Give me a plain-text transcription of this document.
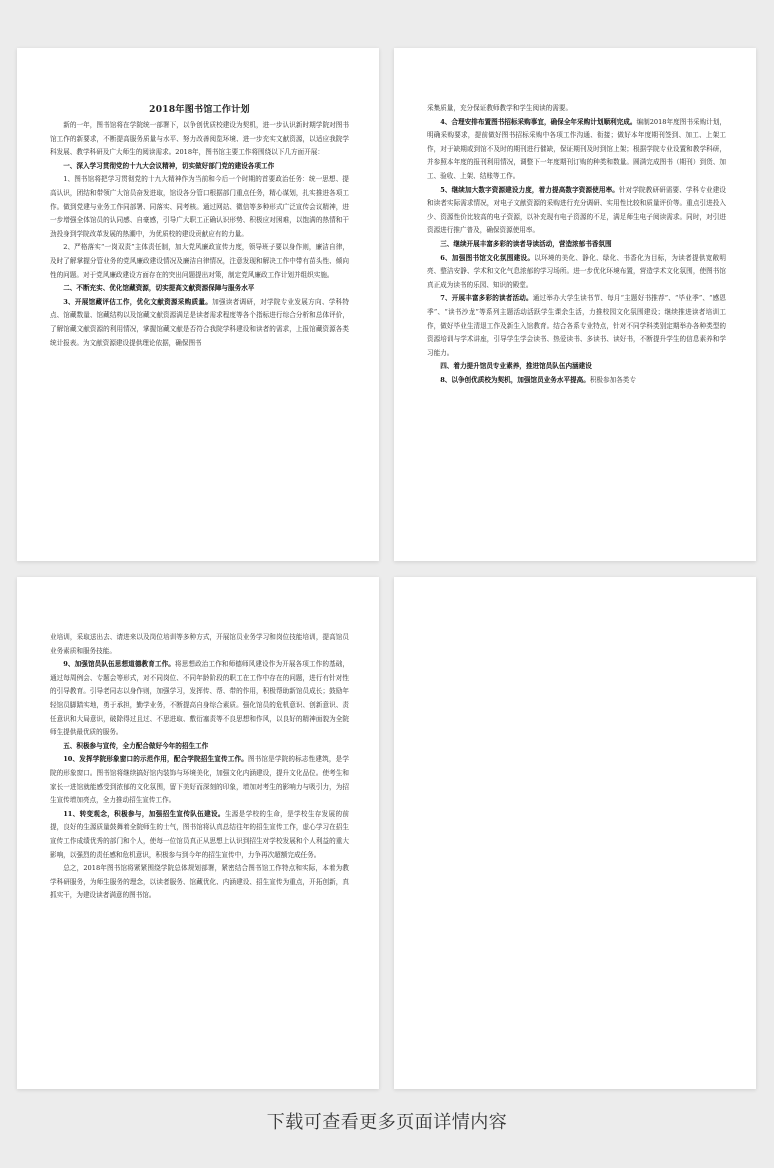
2018年图书馆工作计划

新的一年，图书馆将在学院统一部署下，以争创优质校建设为契机，进一步认识新时期学院对图书馆工作的新要求，不断提高服务质量与水平、努力改善阅览环境、进一步充实文献资源，以适应我院学科发展、教学科研及广大师生的阅读需求。2018年，图书馆主要工作将围绕以下几方面开展：

一、深入学习贯彻党的十九大会议精神，切实做好部门党的建设各项工作

1、图书馆将把学习贯彻党的十九大精神作为当前和今后一个时期的首要政治任务：统一思想、提高认识，团结和带领广大馆员奋发进取，馆设各分管口根据部门重点任务，精心谋划，扎实推进各项工作。做到党建与业务工作同部署、同落实、同考核。通过网站、微信等多种形式广泛宣传会议精神，进一步增强全体馆员的认同感、自豪感，引导广大职工正确认识形势、积极应对困难，以饱满的热情和干劲投身到学院改革发展的热潮中，为优质校的建设贡献应有的力量。

2、严格落实“一岗双责”主体责任制，加大党风廉政宣传力度，领导班子要以身作则，廉洁自律，及时了解掌握分管业务的党风廉政建设情况及廉洁自律情况，注意发现和解决工作中带有苗头性、倾向性的问题。对于党风廉政建设方面存在的突出问题提出对策，制定党风廉政工作计划并组织实施。

二、不断充实、优化馆藏资源，切实提高文献资源保障与服务水平

3、开展馆藏评估工作，优化文献资源采购质量。加强读者调研，对学院专业发展方向、学科特点、馆藏数量、馆藏结构以及馆藏文献资源满足是读者需求程度等各个指标进行综合分析和总体评价，了解馆藏文献资源的利用情况，掌握馆藏文献是否符合我院学科建设和读者的需求，上报馆藏资源各类统计报表。为文献资源建设提供理论依据，确保图书

采集质量，充分保证教师教学和学生阅读的需要。

4、合理安排布置图书招标采购事宜，确保全年采购计划顺利完成。编制2018年度图书采购计划，明确采购要求，提前做好图书招标采购中各项工作沟通、衔接；做好本年度期刊签到、加工、上架工作，对于缺期或到馆不及时的期刊进行催缺，保证期刊及时到馆上架；根据学院专业设置和教学科研，并参照本年度的报刊利用情况，调整下一年度期刊订购的种类和数量。圆满完成图书（期刊）到货、加工、验收、上架、结账等工作。

5、继续加大数字资源建设力度，着力提高数字资源使用率。针对学院教研研需要、学科专业建设和读者实际需求情况，对电子文献资源的采购进行充分调研、实用性比较和质量评价等。重点引进投入少、资源性价比较高的电子资源，以补充现有电子资源的不足，满足师生电子阅读需求。同时，对引进资源进行推广普及，确保资源使用率。

三、继续开展丰富多彩的读者导读活动，营造浓郁书香氛围

6、加强图书馆文化氛围建设。以环境的美化、静化、绿化、书香化为目标，为读者提供宽敞明亮、整洁安静、学术和文化气息浓郁的学习场所。进一步优化环境布置，营造学术文化氛围，使图书馆真正成为读书的乐园、知识的殿堂。

7、开展丰富多彩的读者活动。通过举办大学生读书节、每月“主题好书推荐”、“毕业季”、“感恩季”、“读书沙龙”等系列主题活动活跃学生课余生活，力推校园文化氛围建设；继续推进读者培训工作，做好毕业生清退工作及新生入馆教育。结合各系专业特点，针对不同学科类别定期举办各种类型的资源培训与学术讲座，引导学生学会读书、热爱读书、多读书、读好书，不断提升学生的信息素养和学习能力。

四、着力提升馆员专业素养，推进馆员队伍内涵建设

8、以争创优质校为契机，加强馆员业务水平提高。积极参加各类专

业培训，采取送出去、请进来以及岗位培训等多种方式，开展馆员业务学习和岗位技能培训，提高馆员业务素质和服务技能。

9、加强馆员队伍思想道德教育工作。将思想政治工作和师德师风建设作为开展各项工作的基础，通过每周例会、专题会等形式，对不同岗位、不同年龄阶段的职工在工作中存在的问题，进行有针对性的引导教育。引导老同志以身作则，加强学习，发挥传、帮、带的作用，积极帮助新馆员成长；鼓励年轻馆员脚踏实地，勇于承担，勤学业务，不断提高自身综合素质。强化馆员的危机意识、创新意识、责任意识和大局意识，破除得过且过、不思进取、敷衍塞责等不良思想和作风，以良好的精神面貌为全院师生提供最优质的服务。

五、积极参与宣传，全力配合做好今年的招生工作

10、发挥学院形象窗口的示范作用，配合学院招生宣传工作。图书馆是学院的标志性建筑，是学院的形象窗口。图书馆将继续搞好馆内装饰与环境美化，加强文化内涵建设，提升文化品位。使考生和家长一进馆就能感受到浓郁的文化氛围，留下美好而深刻的印象，增加对考生的影响力与吸引力，为招生宣传增加亮点，全力推动招生宣传工作。

11、转变观念，积极参与，加强招生宣传队伍建设。生源是学校的生命，是学校生存发展的前提，良好的生源质量鼓舞着全院师生的士气，图书馆将认真总结往年的招生宣传工作，虚心学习在招生宣传工作成绩优秀的部门和个人，使每一位馆员真正从思想上认识到招生对学校发展和个人利益的重大影响，以强烈的责任感和危机意识，积极参与到今年的招生宣传中，力争再次超额完成任务。

总之，2018年图书馆将紧紧围绕学院总体规划部署，紧密结合图书馆工作特点和实际，本着为教学科研服务，为师生服务的理念，以读者服务、馆藏优化、内涵建设、招生宣传为重点，开拓创新，真抓实干，为建设读者满意的图书馆。

下载可查看更多页面详情内容
